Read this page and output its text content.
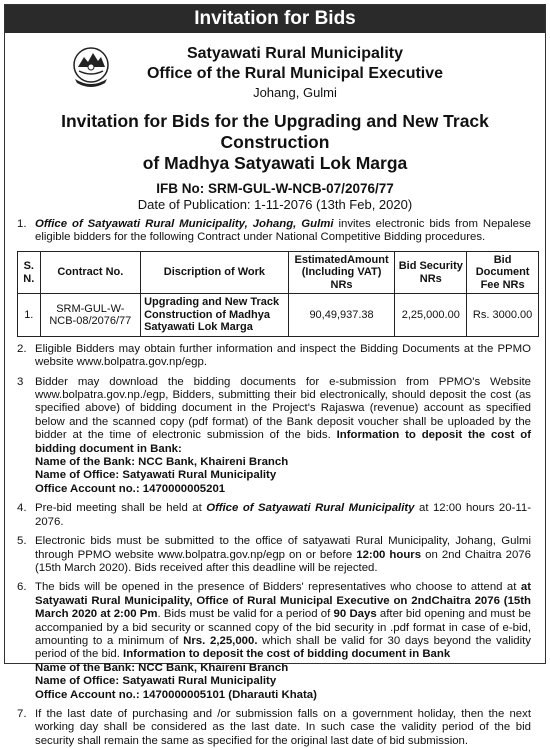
Invitation for Bids
Satyawati Rural Municipality
Office of the Rural Municipal Executive
Johang, Gulmi
Invitation for Bids for the Upgrading and New Track Construction
of Madhya Satyawati Lok Marga
IFB No: SRM-GUL-W-NCB-07/2076/77
Date of Publication: 1-11-2076 (13th Feb, 2020)
1. Office of Satyawati Rural Municipality, Johang, Gulmi invites electronic bids from Nepalese eligible bidders for the following Contract under National Competitive Bidding procedures.
S. N.	Contract No.	Discription of Work	EstimatedAmount (Including VAT) NRs	Bid Security NRs	Bid Document Fee NRs
1.	SRM-GUL-W-NCB-08/2076/77	Upgrading and New Track Construction of Madhya Satyawati Lok Marga	90,49,937.38	2,25,000.00	Rs. 3000.00
2. Eligible Bidders may obtain further information and inspect the Bidding Documents at the PPMO website www.bolpatra.gov.np/egp.
3	Bidder may download the bidding documents for e-submission from PPMO's Website www.bolpatra.gov.np./egp, Bidders, submitting their bid electronically, should deposit the cost (as specified above) of bidding document in the Project's Rajaswa (revenue) account as specified below and the scanned copy (pdf format) of the Bank deposit voucher shall be uploaded by the bidder at the time of electronic submission of the bids. Information to deposit the cost of bidding document in Bank:
Name of the Bank: NCC Bank, Khaireni Branch
Name of Office: Satyawati Rural Municipality
Office Account no.: 1470000005201
4. Pre-bid meeting shall be held at Office of Satyawati Rural Municipality at 12:00 hours 20-11-2076.
5. Electronic bids must be submitted to the office of satyawati Rural Municipality, Johang, Gulmi through PPMO website www.bolpatra.gov.np/egp on or before 12:00 hours on 2nd Chaitra 2076 (15th March 2020). Bids received after this deadline will be rejected.
6. The bids will be opened in the presence of Bidders' representatives who choose to attend at at Satyawati Rural Municipality, Office of Rural Municipal Executive on 2ndChaitra 2076 (15th March 2020 at 2:00 Pm. Bids must be valid for a period of 90 Days after bid opening and must be accompanied by a bid security or scanned copy of the bid security in .pdf format in case of e-bid, amounting to a minimum of Nrs. 2,25,000. which shall be valid for 30 days beyond the validity period of the bid. Information to deposit the cost of bidding document in Bank
Name of the Bank: NCC Bank, Khaireni Branch
Name of Office: Satyawati Rural Municipality
Office Account no.: 1470000005101 (Dharauti Khata)
7. If the last date of purchasing and /or submission falls on a government holiday, then the next working day shall be considered as the last date. In such case the validity period of the bid security shall remain the same as specified for the original last date of bid submission.
